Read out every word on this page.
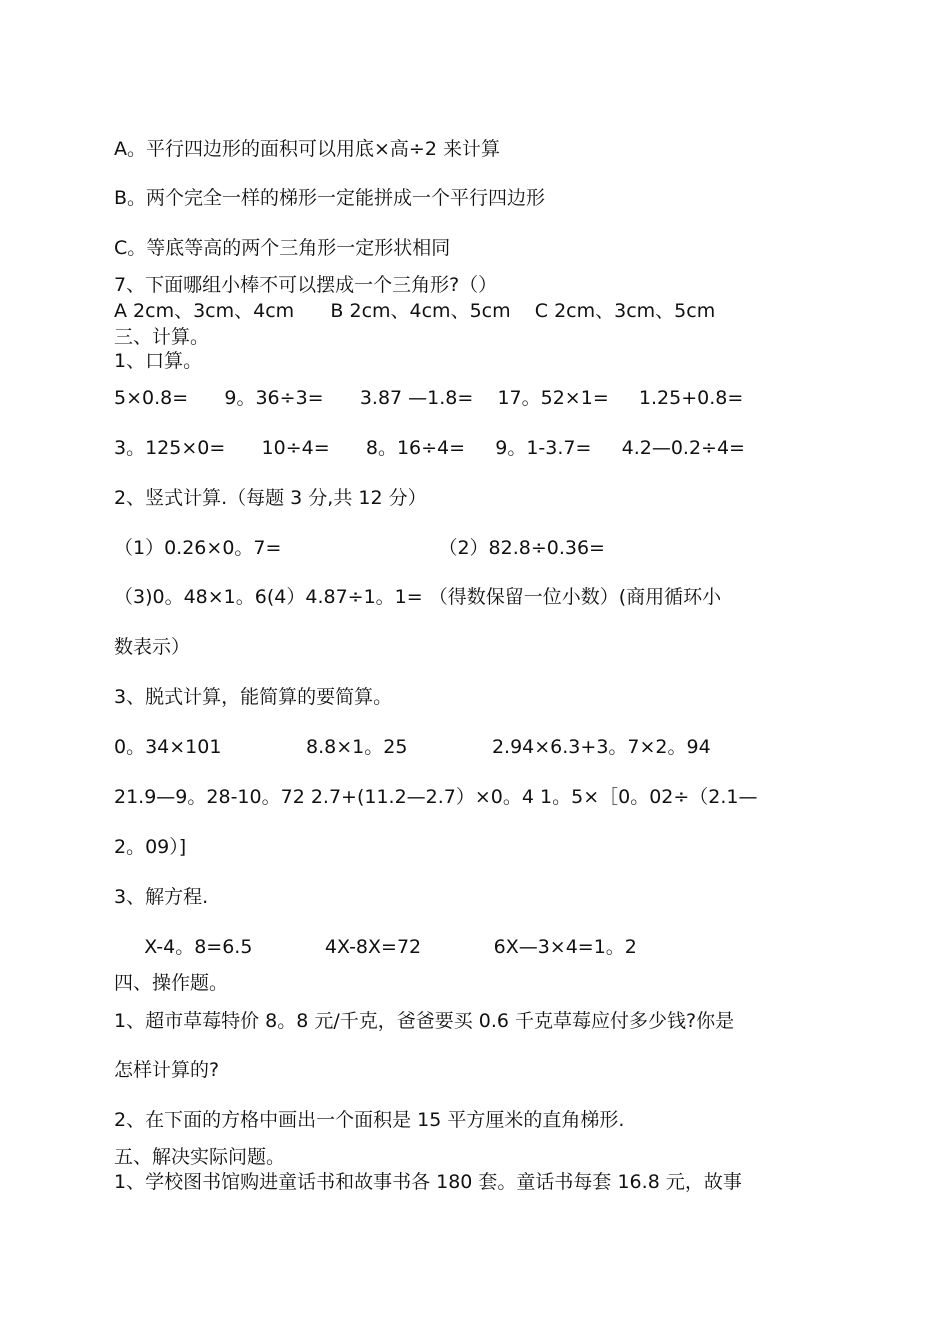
A。平行四边形的面积可以用底×高÷2 来计算
B。两个完全一样的梯形一定能拼成一个平行四边形
C。等底等高的两个三角形一定形状相同
7、下面哪组小棒不可以摆成一个三角形?（）
A 2cm、3cm、4cm      B 2cm、4cm、5cm    C 2cm、3cm、5cm
三、计算。
1、口算。
5×0.8=      9。36÷3=      3.87 —1.8=    17。52×1=     1.25+0.8=
3。125×0=      10÷4=      8。16÷4=     9。1-3.7=     4.2—0.2÷4=
2、竖式计算.（每题 3 分,共 12 分）
（1）0.26×0。7=                          （2）82.8÷0.36=
（3)0。48×1。6(4）4.87÷1。1= （得数保留一位小数）(商用循环小
数表示）
3、脱式计算，能简算的要简算。
0。34×101              8.8×1。25              2.94×6.3+3。7×2。94
21.9—9。28-10。72 2.7+(11.2—2.7）×0。4 1。5×［0。02÷（2.1—
2。09）]
3、解方程.
X-4。8=6.5            4X-8X=72            6X—3×4=1。2
四、操作题。
1、超市草莓特价 8。8 元/千克，爸爸要买 0.6 千克草莓应付多少钱?你是
怎样计算的?
2、在下面的方格中画出一个面积是 15 平方厘米的直角梯形.
五、解决实际问题。
1、学校图书馆购进童话书和故事书各 180 套。童话书每套 16.8 元，故事
